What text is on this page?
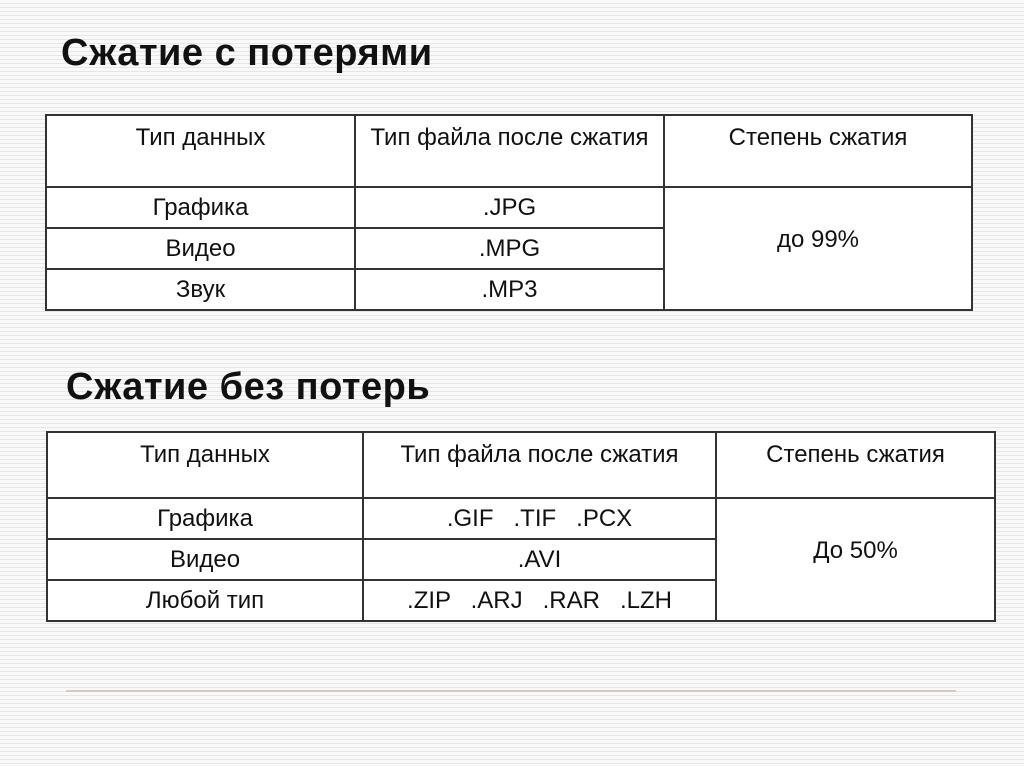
Сжатие с потерями
Тип данных	Тип файла после сжатия	Степень сжатия
Графика	.JPG	до 99%
Видео	.MPG	
Звук	.MP3	
Сжатие без потерь
Тип данных	Тип файла после сжатия	Степень сжатия
Графика	.GIF   .TIF   .PCX	До 50%
Видео	.AVI	
Любой тип	.ZIP   .ARJ   .RAR   .LZH	
